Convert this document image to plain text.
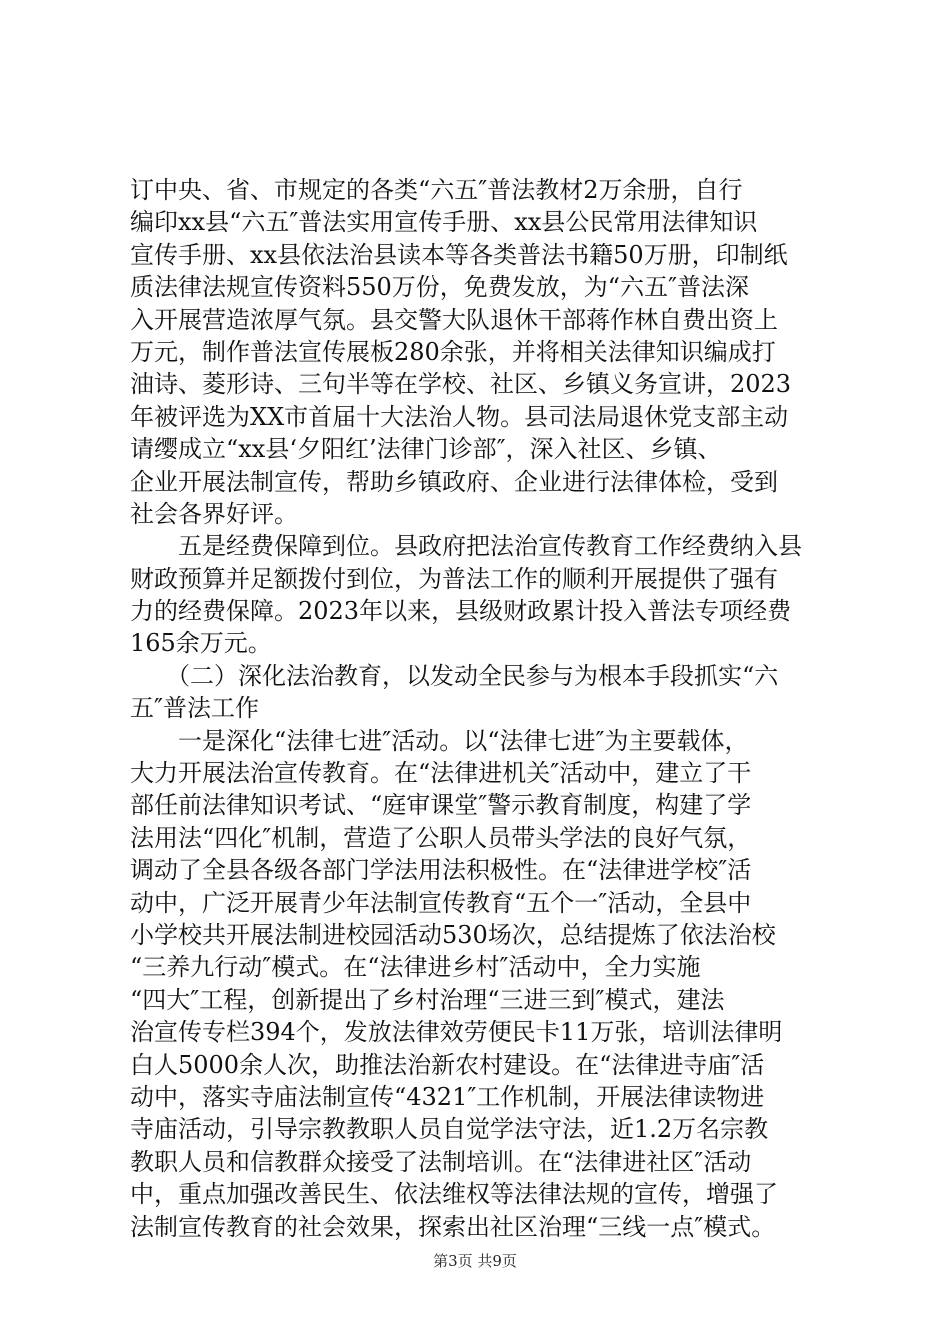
订中央、省、市规定的各类“六五″普法教材2万余册，自行
编印xx县“六五″普法实用宣传手册、xx县公民常用法律知识
宣传手册、xx县依法治县读本等各类普法书籍50万册，印制纸
质法律法规宣传资料550万份，免费发放，为“六五″普法深
入开展营造浓厚气氛。县交警大队退休干部蒋作林自费出资上
万元，制作普法宣传展板280余张，并将相关法律知识编成打
油诗、菱形诗、三句半等在学校、社区、乡镇义务宣讲，2023
年被评选为XX市首届十大法治人物。县司法局退休党支部主动
请缨成立“xx县‘夕阳红’法律门诊部″，深入社区、乡镇、
企业开展法制宣传，帮助乡镇政府、企业进行法律体检，受到
社会各界好评。
　　五是经费保障到位。县政府把法治宣传教育工作经费纳入县
财政预算并足额拨付到位，为普法工作的顺利开展提供了强有
力的经费保障。2023年以来，县级财政累计投入普法专项经费
165余万元。
　　（二）深化法治教育，以发动全民参与为根本手段抓实“六
五″普法工作
　　一是深化“法律七进″活动。以“法律七进″为主要载体，
大力开展法治宣传教育。在“法律进机关″活动中，建立了干
部任前法律知识考试、“庭审课堂″警示教育制度，构建了学
法用法“四化″机制，营造了公职人员带头学法的良好气氛，
调动了全县各级各部门学法用法积极性。在“法律进学校″活
动中，广泛开展青少年法制宣传教育“五个一″活动，全县中
小学校共开展法制进校园活动530场次，总结提炼了依法治校
“三养九行动″模式。在“法律进乡村″活动中，全力实施
“四大″工程，创新提出了乡村治理“三进三到″模式，建法
治宣传专栏394个，发放法律效劳便民卡11万张，培训法律明
白人5000余人次，助推法治新农村建设。在“法律进寺庙″活
动中，落实寺庙法制宣传“4321″工作机制，开展法律读物进
寺庙活动，引导宗教教职人员自觉学法守法，近1.2万名宗教
教职人员和信教群众接受了法制培训。在“法律进社区″活动
中，重点加强改善民生、依法维权等法律法规的宣传，增强了
法制宣传教育的社会效果，探索出社区治理“三线一点″模式。
第3页 共9页
